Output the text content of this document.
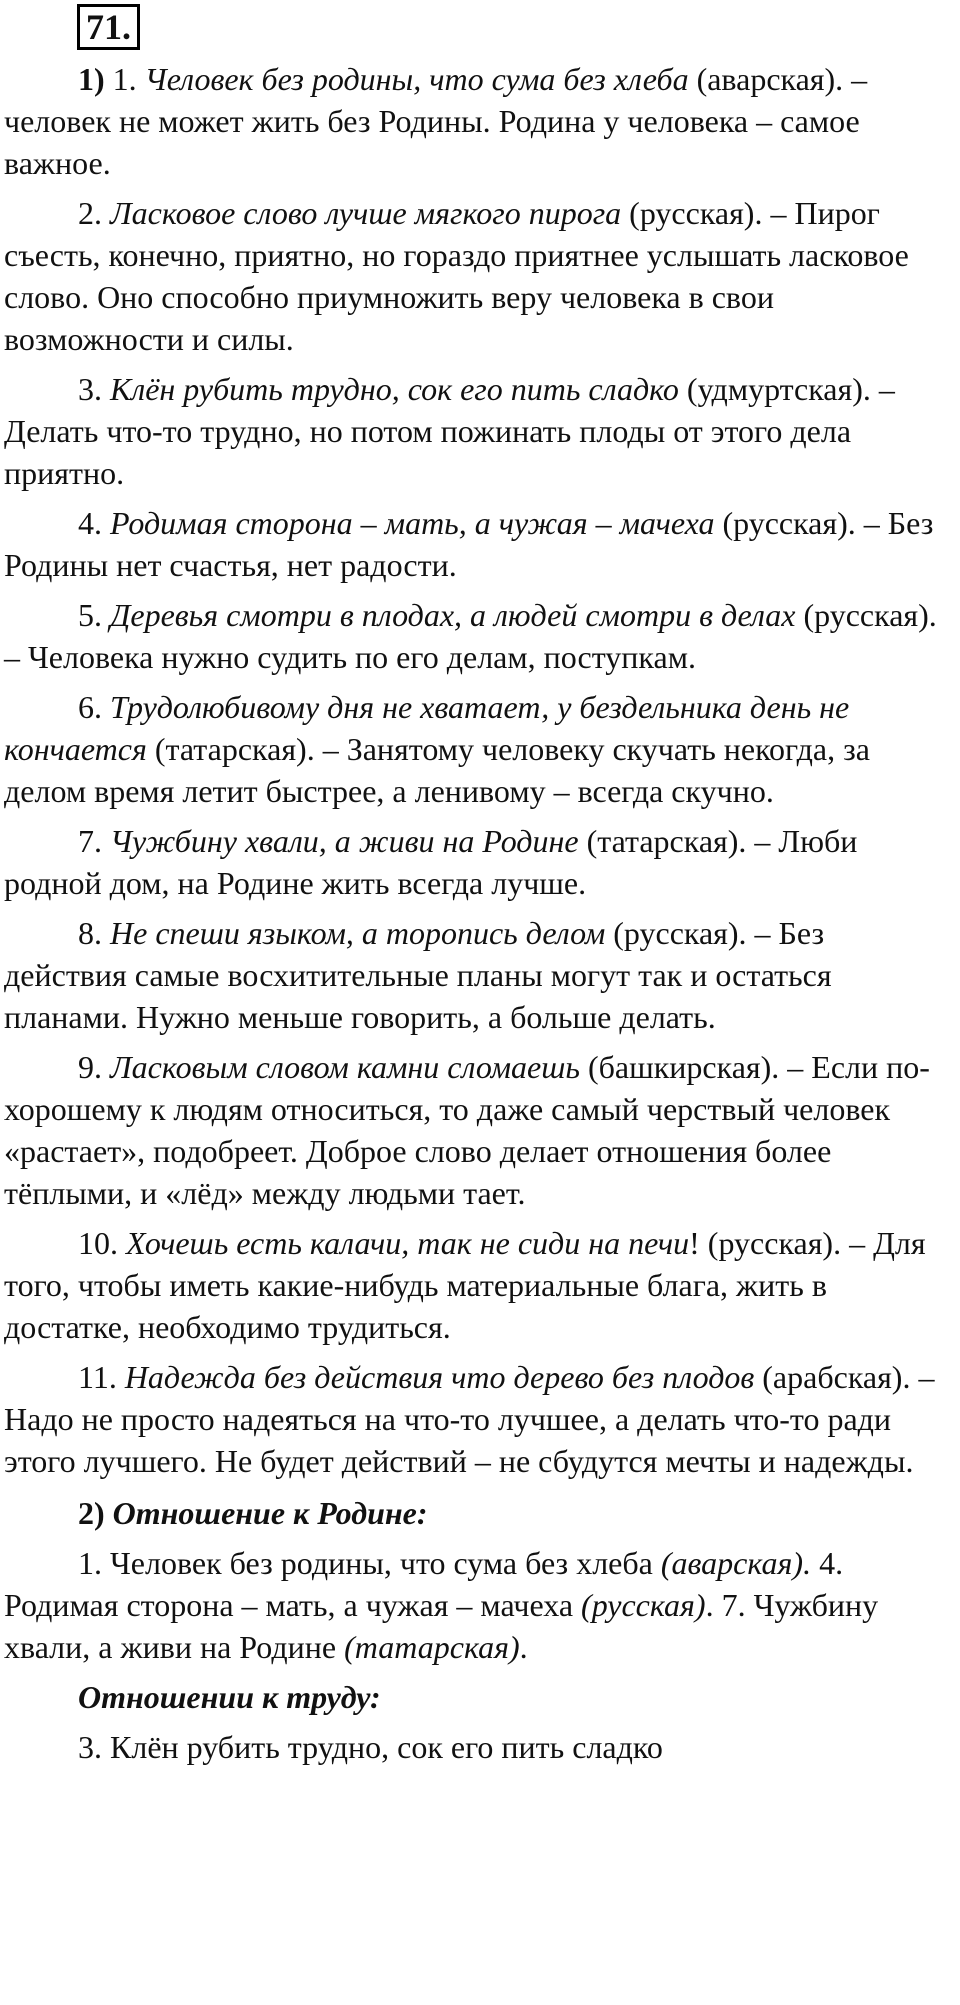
71.

1) 1. Человек без родины, что сума без хлеба (аварская). – человек не может жить без Родины. Родина у человека – самое важное.

2. Ласковое слово лучше мягкого пирога (русская). – Пирог съесть, конечно, приятно, но гораздо приятнее услышать ласковое слово. Оно способно приумножить веру человека в свои возможности и силы.

3. Клён рубить трудно, сок его пить сладко (удмуртская). – Делать что-то трудно, но потом пожинать плоды от этого дела приятно.

4. Родимая сторона – мать, а чужая – мачеха (русская). – Без Родины нет счастья, нет радости.

5. Деревья смотри в плодах, а людей смотри в делах (русская). – Человека нужно судить по его делам, поступкам.

6. Трудолюбивому дня не хватает, у бездельника день не кончается (татарская). – Занятому человеку скучать некогда, за делом время летит быстрее, а ленивому – всегда скучно.

7. Чужбину хвали, а живи на Родине (татарская). – Люби родной дом, на Родине жить всегда лучше.

8. Не спеши языком, а торопись делом (русская). – Без действия самые восхитительные планы могут так и остаться планами. Нужно меньше говорить, а больше делать.

9. Ласковым словом камни сломаешь (башкирская). – Если по-хорошему к людям относиться, то даже самый черствый человек «растает», подобреет. Доброе слово делает отношения более тёплыми, и «лёд» между людьми тает.

10. Хочешь есть калачи, так не сиди на печи! (русская). – Для того, чтобы иметь какие-нибудь материальные блага, жить в достатке, необходимо трудиться.

11. Надежда без действия что дерево без плодов (арабская). – Надо не просто надеяться на что-то лучшее, а делать что-то ради этого лучшего. Не будет действий – не сбудутся мечты и надежды.

2) Отношение к Родине:

1. Человек без родины, что сума без хлеба (аварская). 4. Родимая сторона – мать, а чужая – мачеха (русская). 7. Чужбину хвали, а живи на Родине (татарская).

Отношении к труду:

3. Клён рубить трудно, сок его пить сладко
